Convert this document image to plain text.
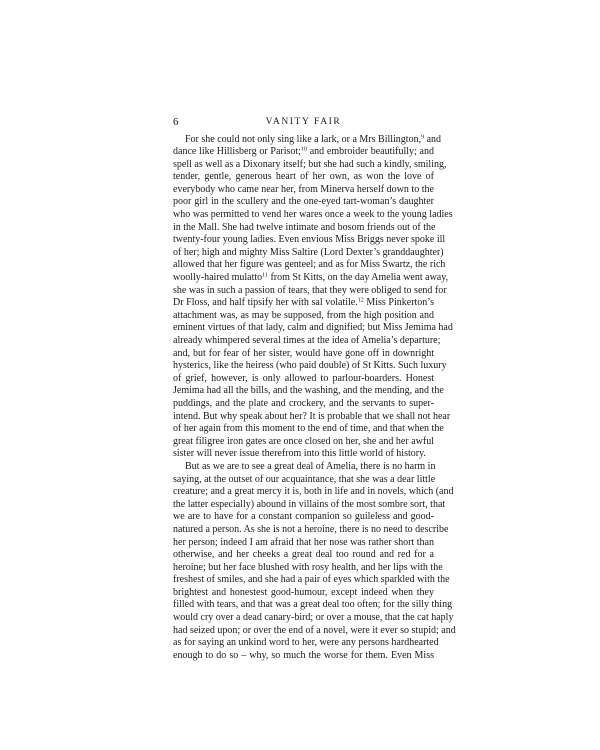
6	VANITY FAIR
For she could not only sing like a lark, or a Mrs Billington,$^9$ and
dance like Hillisberg or Parisot;$^{10}$ and embroider beautifully; and
spell as well as a Dixonary itself; but she had such a kindly, smiling,
tender, gentle, generous heart of her own, as won the love of
everybody who came near her, from Minerva herself down to the
poor girl in the scullery and the one-eyed tart-woman’s daughter
who was permitted to vend her wares once a week to the young ladies
in the Mall. She had twelve intimate and bosom friends out of the
twenty-four young ladies. Even envious Miss Briggs never spoke ill
of her; high and mighty Miss Saltire (Lord Dexter’s granddaughter)
allowed that her figure was genteel; and as for Miss Swartz, the rich
woolly-haired mulatto$^{11}$ from St Kitts, on the day Amelia went away,
she was in such a passion of tears, that they were obliged to send for
Dr Floss, and half tipsify her with sal volatile.$^{12}$ Miss Pinkerton’s
attachment was, as may be supposed, from the high position and
eminent virtues of that lady, calm and dignified; but Miss Jemima had
already whimpered several times at the idea of Amelia’s departure;
and, but for fear of her sister, would have gone off in downright
hysterics, like the heiress (who paid double) of St Kitts. Such luxury
of grief, however, is only allowed to parlour-boarders. Honest
Jemima had all the bills, and the washing, and the mending, and the
puddings, and the plate and crockery, and the servants to super-
intend. But why speak about her? It is probable that we shall not hear
of her again from this moment to the end of time, and that when the
great filigree iron gates are once closed on her, she and her awful
sister will never issue therefrom into this little world of history.
But as we are to see a great deal of Amelia, there is no harm in
saying, at the outset of our acquaintance, that she was a dear little
creature; and a great mercy it is, both in life and in novels, which (and
the latter especially) abound in villains of the most sombre sort, that
we are to have for a constant companion so guileless and good-
natured a person. As she is not a heroine, there is no need to describe
her person; indeed I am afraid that her nose was rather short than
otherwise, and her cheeks a great deal too round and red for a
heroine; but her face blushed with rosy health, and her lips with the
freshest of smiles, and she had a pair of eyes which sparkled with the
brightest and honestest good-humour, except indeed when they
filled with tears, and that was a great deal too often; for the silly thing
would cry over a dead canary-bird; or over a mouse, that the cat haply
had seized upon; or over the end of a novel, were it ever so stupid; and
as for saying an unkind word to her, were any persons hardhearted
enough to do so – why, so much the worse for them. Even Miss
